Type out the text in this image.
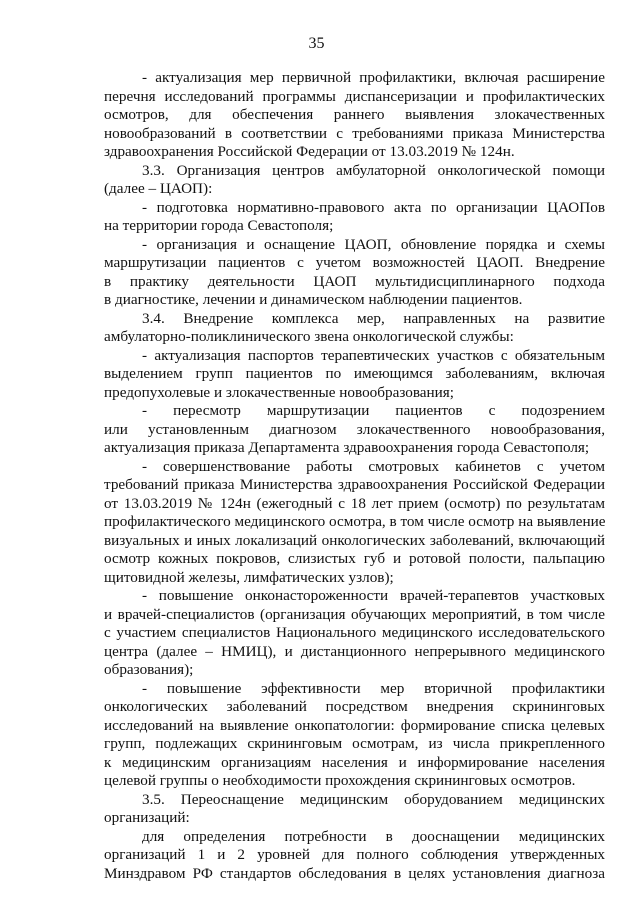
35
- актуализация мер первичной профилактики, включая расширение
перечня исследований программы диспансеризации и профилактических
осмотров, для обеспечения раннего выявления злокачественных
новообразований в соответствии с требованиями приказа Министерства
здравоохранения Российской Федерации от 13.03.2019 № 124н.
3.3. Организация центров амбулаторной онкологической помощи
(далее – ЦАОП):
- подготовка нормативно-правового акта по организации ЦАОПов
на территории города Севастополя;
- организация и оснащение ЦАОП, обновление порядка и схемы
маршрутизации пациентов с учетом возможностей ЦАОП. Внедрение
в практику деятельности ЦАОП мультидисциплинарного подхода
в диагностике, лечении и динамическом наблюдении пациентов.
3.4. Внедрение комплекса мер, направленных на развитие
амбулаторно-поликлинического звена онкологической службы:
- актуализация паспортов терапевтических участков с обязательным
выделением групп пациентов по имеющимся заболеваниям, включая
предопухолевые и злокачественные новообразования;
- пересмотр маршрутизации пациентов с подозрением
или установленным диагнозом злокачественного новообразования,
актуализация приказа Департамента здравоохранения города Севастополя;
- совершенствование работы смотровых кабинетов с учетом
требований приказа Министерства здравоохранения Российской Федерации
от 13.03.2019 № 124н (ежегодный с 18 лет прием (осмотр) по результатам
профилактического медицинского осмотра, в том числе осмотр на выявление
визуальных и иных локализаций онкологических заболеваний, включающий
осмотр кожных покровов, слизистых губ и ротовой полости, пальпацию
щитовидной железы, лимфатических узлов);
- повышение онконастороженности врачей-терапевтов участковых
и врачей-специалистов (организация обучающих мероприятий, в том числе
с участием специалистов Национального медицинского исследовательского
центра (далее – НМИЦ), и дистанционного непрерывного медицинского
образования);
- повышение эффективности мер вторичной профилактики
онкологических заболеваний посредством внедрения скрининговых
исследований на выявление онкопатологии: формирование списка целевых
групп, подлежащих скрининговым осмотрам, из числа прикрепленного
к медицинским организациям населения и информирование населения
целевой группы о необходимости прохождения скрининговых осмотров.
3.5. Переоснащение медицинским оборудованием медицинских
организаций:
для определения потребности в дооснащении медицинских
организаций 1 и 2 уровней для полного соблюдения утвержденных
Минздравом РФ стандартов обследования в целях установления диагноза
